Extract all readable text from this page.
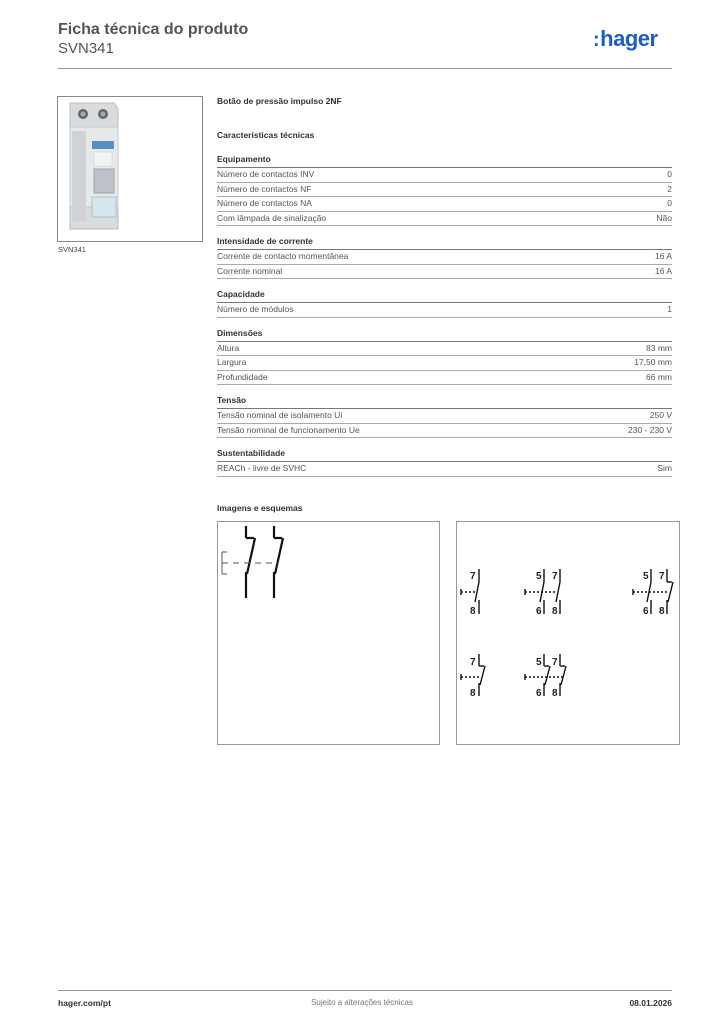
Ficha técnica do produto
SVN341	:hager
SVN341
Botão de pressão impulso 2NF
Características técnicas
Equipamento
Número de contactos INV	0
Número de contactos NF	2
Número de contactos NA	0
Com lâmpada de sinalização	Não
Intensidade de corrente
Corrente de contacto momentânea	16 A
Corrente nominal	16 A
Capacidade
Número de módulos	1
Dimensões
Altura	83 mm
Largura	17,50 mm
Profundidade	66 mm
Tensão
Tensão nominal de isolamento Ui	250 V
Tensão nominal de funcionamento Ue	230 - 230 V
Sustentabilidade
REACh - livre de SVHC	Sim
Imagens e esquemas
7
8
5 7
6 8
5 7
6 8
7
8
5 7
6 8
hager.com/pt	Sujeito a alterações técnicas	08.01.2026
